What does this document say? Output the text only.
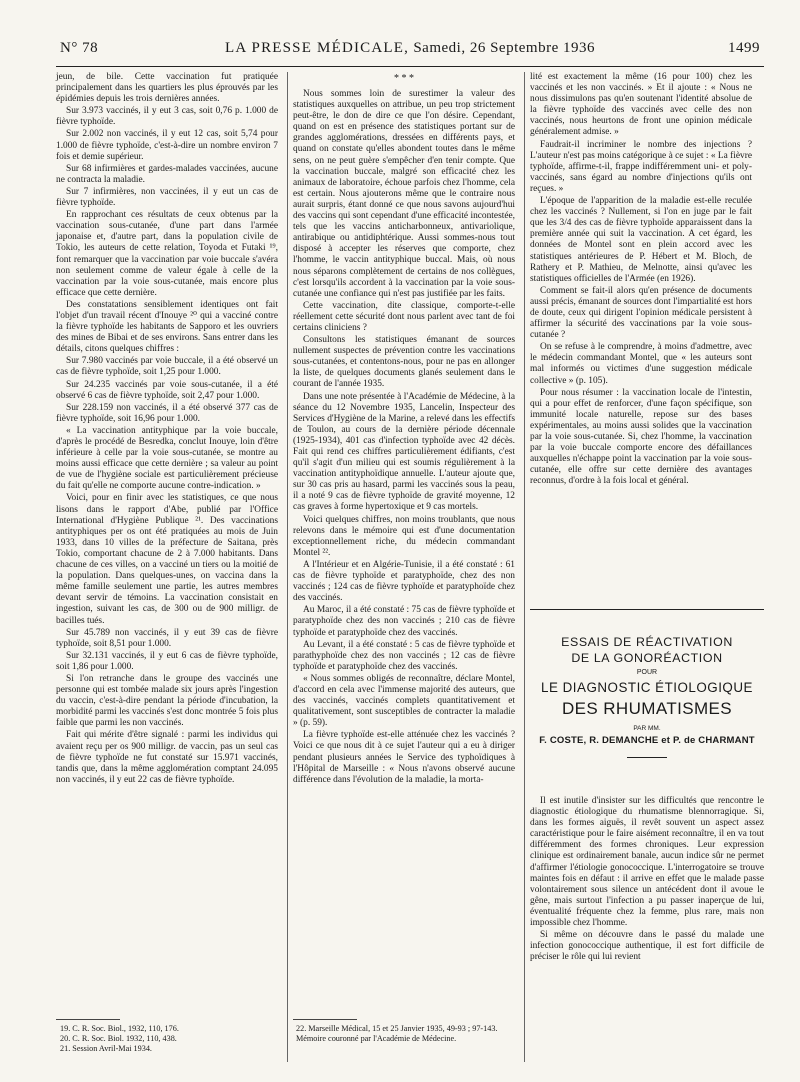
N° 78	LA PRESSE MÉDICALE, Samedi, 26 Septembre 1936	1499

jeun, de bile. Cette vaccination fut pratiquée principalement dans les quartiers les plus éprouvés par les épidémies depuis les trois dernières années.

Sur 3.973 vaccinés, il y eut 3 cas, soit 0,76 p. 1.000 de fièvre typhoïde.

Sur 2.002 non vaccinés, il y eut 12 cas, soit 5,74 pour 1.000 de fièvre typhoïde, c'est-à-dire un nombre environ 7 fois et demie supérieur.

Sur 68 infirmières et gardes-malades vaccinées, aucune ne contracta la maladie.

Sur 7 infirmières, non vaccinées, il y eut un cas de fièvre typhoïde.

En rapprochant ces résultats de ceux obtenus par la vaccination sous-cutanée, d'une part dans l'armée japonaise et, d'autre part, dans la population civile de Tokio, les auteurs de cette relation, Toyoda et Futaki ¹⁹, font remarquer que la vaccination par voie buccale s'avéra non seulement comme de valeur égale à celle de la vaccination par la voie sous-cutanée, mais encore plus efficace que cette dernière.

Des constatations sensiblement identiques ont fait l'objet d'un travail récent d'Inouye ²⁰ qui a vacciné contre la fièvre typhoïde les habitants de Sapporo et les ouvriers des mines de Bibai et de ses environs. Sans entrer dans les détails, citons quelques chiffres :

Sur 7.980 vaccinés par voie buccale, il a été observé un cas de fièvre typhoïde, soit 1,25 pour 1.000.

Sur 24.235 vaccinés par voie sous-cutanée, il a été observé 6 cas de fièvre typhoïde, soit 2,47 pour 1.000.

Sur 228.159 non vaccinés, il a été observé 377 cas de fièvre typhoïde, soit 16,96 pour 1.000.

« La vaccination antityphique par la voie buccale, d'après le procédé de Besredka, conclut Inouye, loin d'être inférieure à celle par la voie sous-cutanée, se montre au moins aussi efficace que cette dernière ; sa valeur au point de vue de l'hygiène sociale est particulièrement précieuse du fait qu'elle ne comporte aucune contre-indication. »

Voici, pour en finir avec les statistiques, ce que nous lisons dans le rapport d'Abe, publié par l'Office International d'Hygiène Publique ²¹. Des vaccinations antityphiques per os ont été pratiquées au mois de Juin 1933, dans 10 villes de la préfecture de Saitana, près Tokio, comportant chacune de 2 à 7.000 habitants. Dans chacune de ces villes, on a vacciné un tiers ou la moitié de la population. Dans quelques-unes, on vaccina dans la même famille seulement une partie, les autres membres devant servir de témoins. La vaccination consistait en ingestion, suivant les cas, de 300 ou de 900 milligr. de bacilles tués.

Sur 45.789 non vaccinés, il y eut 39 cas de fièvre typhoïde, soit 8,51 pour 1.000.

Sur 32.131 vaccinés, il y eut 6 cas de fièvre typhoïde, soit 1,86 pour 1.000.

Si l'on retranche dans le groupe des vaccinés une personne qui est tombée malade six jours après l'ingestion du vaccin, c'est-à-dire pendant la période d'incubation, la morbidité parmi les vaccinés s'est donc montrée 5 fois plus faible que parmi les non vaccinés.

Fait qui mérite d'être signalé : parmi les individus qui avaient reçu per os 900 milligr. de vaccin, pas un seul cas de fièvre typhoïde ne fut constaté sur 15.971 vaccinés, tandis que, dans la même agglomération comptant 24.095 non vaccinés, il y eut 22 cas de fièvre typhoïde.

19. C. R. Soc. Biol., 1932, 110, 176.
20. C. R. Soc. Biol. 1932, 110, 438.
21. Session Avril-Mai 1934.
* * *

Nous sommes loin de surestimer la valeur des statistiques auxquelles on attribue, un peu trop strictement peut-être, le don de dire ce que l'on désire. Cependant, quand on est en présence des statistiques portant sur de grandes agglomérations, dressées en différents pays, et quand on constate qu'elles abondent toutes dans le même sens, on ne peut guère s'empêcher d'en tenir compte. Que la vaccination buccale, malgré son efficacité chez les animaux de laboratoire, échoue parfois chez l'homme, cela est certain. Nous ajouterons même que le contraire nous aurait surpris, étant donné ce que nous savons aujourd'hui des vaccins qui sont cependant d'une efficacité incontestée, tels que les vaccins anticharbonneux, antivariolique, antirabique ou antidiphtérique. Aussi sommes-nous tout disposé à accepter les réserves que comporte, chez l'homme, le vaccin antityphique buccal. Mais, où nous nous séparons complètement de certains de nos collègues, c'est lorsqu'ils accordent à la vaccination par la voie sous-cutanée une confiance qui n'est pas justifiée par les faits.

Cette vaccination, dite classique, comporte-t-elle réellement cette sécurité dont nous parlent avec tant de foi certains cliniciens ?

Consultons les statistiques émanant de sources nullement suspectes de prévention contre les vaccinations sous-cutanées, et contentons-nous, pour ne pas en allonger la liste, de quelques documents glanés seulement dans le courant de l'année 1935.

Dans une note présentée à l'Académie de Médecine, à la séance du 12 Novembre 1935, Lancelin, Inspecteur des Services d'Hygiène de la Marine, a relevé dans les effectifs de Toulon, au cours de la dernière période décennale (1925-1934), 401 cas d'infection typhoïde avec 42 décès. Fait qui rend ces chiffres particulièrement édifiants, c'est qu'il s'agit d'un milieu qui est soumis régulièrement à la vaccination antityphoïdique annuelle. L'auteur ajoute que, sur 30 cas pris au hasard, parmi les vaccinés sous la peau, il a noté 9 cas de fièvre typhoïde de gravité moyenne, 12 cas graves à forme hypertoxique et 9 cas mortels.

Voici quelques chiffres, non moins troublants, que nous relevons dans le mémoire qui est d'une documentation exceptionnellement riche, du médecin commandant Montel ²².

A l'Intérieur et en Algérie-Tunisie, il a été constaté : 61 cas de fièvre typhoïde et paratyphoïde, chez des non vaccinés ; 124 cas de fièvre typhoïde et paratyphoïde chez des vaccinés.

Au Maroc, il a été constaté : 75 cas de fièvre typhoïde et paratyphoïde chez des non vaccinés ; 210 cas de fièvre typhoïde et paratyphoïde chez des vaccinés.

Au Levant, il a été constaté : 5 cas de fièvre typhoïde et parathyphoïde chez des non vaccinés ; 12 cas de fièvre typhoïde et paratyphoïde chez des vaccinés.

« Nous sommes obligés de reconnaître, déclare Montel, d'accord en cela avec l'immense majorité des auteurs, que des vaccinés, vaccinés complets quantitativement et qualitativement, sont susceptibles de contracter la maladie » (p. 59).

La fièvre typhoïde est-elle atténuée chez les vaccinés ? Voici ce que nous dit à ce sujet l'auteur qui a eu à diriger pendant plusieurs années le Service des typhoïdiques à l'Hôpital de Marseille : « Nous n'avons observé aucune différence dans l'évolution de la maladie, la morta-

22. Marseille Médical, 15 et 25 Janvier 1935, 49-93 ; 97-143. Mémoire couronné par l'Académie de Médecine.

lité est exactement la même (16 pour 100) chez les vaccinés et les non vaccinés. » Et il ajoute : « Nous ne nous dissimulons pas qu'en soutenant l'identité absolue de la fièvre typhoïde des vaccinés avec celle des non vaccinés, nous heurtons de front une opinion médicale généralement admise. »

Faudrait-il incriminer le nombre des injections ? L'auteur n'est pas moins catégorique à ce sujet : « La fièvre typhoïde, affirme-t-il, frappe indifféremment uni- et poly-vaccinés, sans égard au nombre d'injections qu'ils ont reçues. »

L'époque de l'apparition de la maladie est-elle reculée chez les vaccinés ? Nullement, si l'on en juge par le fait que les 3/4 des cas de fièvre typhoïde apparaissent dans la première année qui suit la vaccination. A cet égard, les données de Montel sont en plein accord avec les statistiques antérieures de P. Hébert et M. Bloch, de Rathery et P. Mathieu, de Melnotte, ainsi qu'avec les statistiques officielles de l'Armée (en 1926).

Comment se fait-il alors qu'en présence de documents aussi précis, émanant de sources dont l'impartialité est hors de doute, ceux qui dirigent l'opinion médicale persistent à affirmer la sécurité des vaccinations par la voie sous-cutanée ?

On se refuse à le comprendre, à moins d'admettre, avec le médecin commandant Montel, que « les auteurs sont mal informés ou victimes d'une suggestion médicale collective » (p. 105).

Pour nous résumer : la vaccination locale de l'intestin, qui a pour effet de renforcer, d'une façon spécifique, son immunité locale naturelle, repose sur des bases expérimentales, au moins aussi solides que la vaccination par la voie sous-cutanée. Si, chez l'homme, la vaccination par la voie buccale comporte encore des défaillances auxquelles n'échappe point la vaccination par la voie sous-cutanée, elle offre sur cette dernière des avantages reconnus, d'ordre à la fois local et général.

ESSAIS DE RÉACTIVATION
DE LA GONORÉACTION
POUR
LE DIAGNOSTIC ÉTIOLOGIQUE
DES RHUMATISMES
PAR MM.
F. COSTE, R. DEMANCHE et P. de CHARMANT

Il est inutile d'insister sur les difficultés que rencontre le diagnostic étiologique du rhumatisme blennorragique. Si, dans les formes aiguës, il revêt souvent un aspect assez caractéristique pour le faire aisément reconnaître, il en va tout différemment des formes chroniques. Leur expression clinique est ordinairement banale, aucun indice sûr ne permet d'affirmer l'étiologie gonococcique. L'interrogatoire se trouve maintes fois en défaut : il arrive en effet que le malade passe volontairement sous silence un antécédent dont il avoue le gêne, mais surtout l'infection a pu passer inaperçue de lui, éventualité fréquente chez la femme, plus rare, mais non impossible chez l'homme.

Si même on découvre dans le passé du malade une infection gonococcique authentique, il est fort difficile de préciser le rôle qui lui revient
